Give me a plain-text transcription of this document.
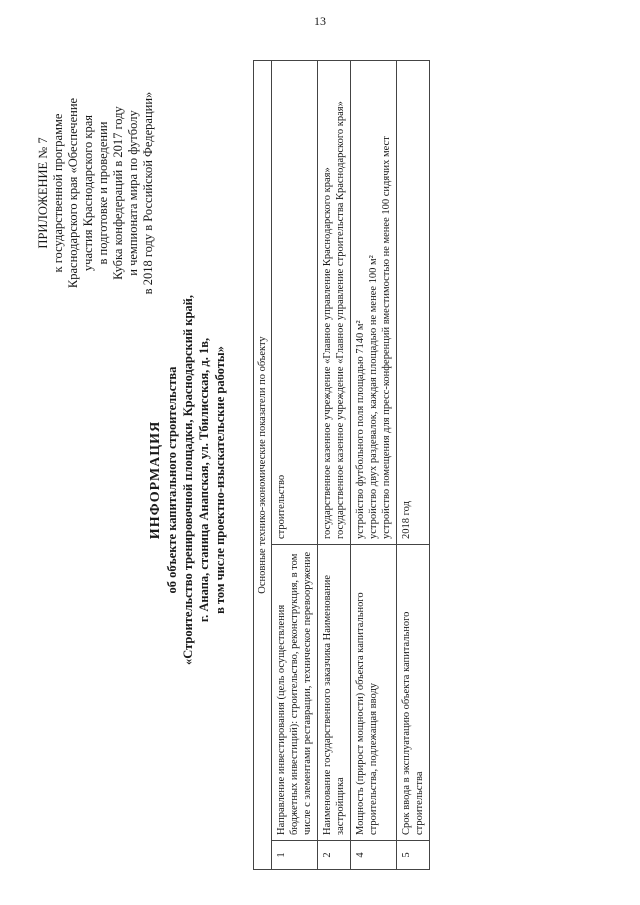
13
ПРИЛОЖЕНИЕ № 7 к государственной программе Краснодарского края «Обеспечение участия Краснодарского края в подготовке и проведении Кубка конфедераций в 2017 году и чемпионата мира по футболу в 2018 году в Российской Федерации»
ИНФОРМАЦИЯ об объекте капитального строительства «Строительство тренировочной площадки, Краснодарский край, г. Анапа, станица Анапская, ул. Тбилисская, д. 1в, в том числе проектно-изыскательские работы»	Основные технико-экономические показатели по объекту		
1	Направление инвестирования (цель осуществления бюджетных инвестиций): строительство, реконструкция, в том числе с элементами реставрации, техническое перевооружение	строительство

2	Наименование государственного заказчика Наименование застройщика	государственное казенное учреждение «Главное управление Краснодарского края» государственное казенное учреждение «Главное управление строительства Краснодарского края»

4	Мощность (прирост мощности) объекта капитального строительства, подлежащая вводу	устройство футбольного поля площадью 7140 м² устройство двух раздевалок, каждая площадью не менее 100 м² устройство помещения для пресс-конференций вместимостью не менее 100 сидячих мест

5	Срок ввода в эксплуатацию объекта капитального строительства	2018 год
